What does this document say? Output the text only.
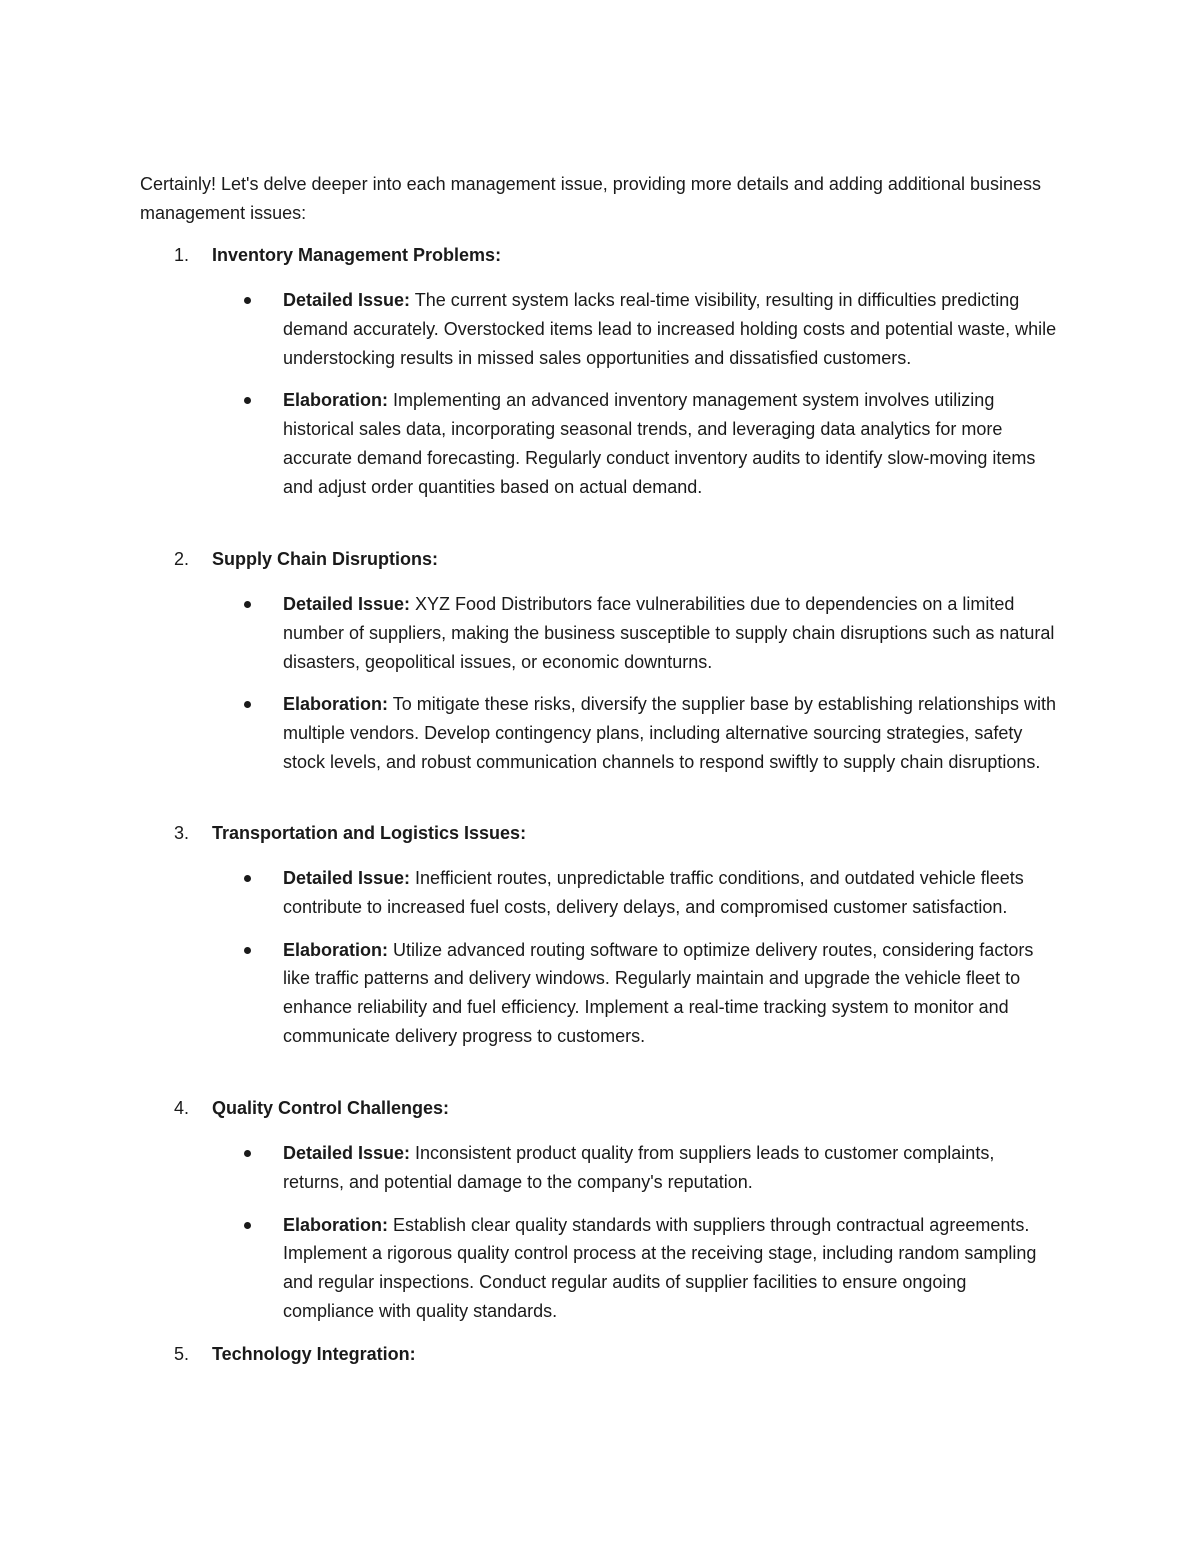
Certainly! Let's delve deeper into each management issue, providing more details and adding additional business management issues:

1. Inventory Management Problems:
Detailed Issue: The current system lacks real-time visibility, resulting in difficulties predicting demand accurately. Overstocked items lead to increased holding costs and potential waste, while understocking results in missed sales opportunities and dissatisfied customers.
Elaboration: Implementing an advanced inventory management system involves utilizing historical sales data, incorporating seasonal trends, and leveraging data analytics for more accurate demand forecasting. Regularly conduct inventory audits to identify slow-moving items and adjust order quantities based on actual demand.
2. Supply Chain Disruptions:
Detailed Issue: XYZ Food Distributors face vulnerabilities due to dependencies on a limited number of suppliers, making the business susceptible to supply chain disruptions such as natural disasters, geopolitical issues, or economic downturns.
Elaboration: To mitigate these risks, diversify the supplier base by establishing relationships with multiple vendors. Develop contingency plans, including alternative sourcing strategies, safety stock levels, and robust communication channels to respond swiftly to supply chain disruptions.
3. Transportation and Logistics Issues:
Detailed Issue: Inefficient routes, unpredictable traffic conditions, and outdated vehicle fleets contribute to increased fuel costs, delivery delays, and compromised customer satisfaction.
Elaboration: Utilize advanced routing software to optimize delivery routes, considering factors like traffic patterns and delivery windows. Regularly maintain and upgrade the vehicle fleet to enhance reliability and fuel efficiency. Implement a real-time tracking system to monitor and communicate delivery progress to customers.
4. Quality Control Challenges:
Detailed Issue: Inconsistent product quality from suppliers leads to customer complaints, returns, and potential damage to the company's reputation.
Elaboration: Establish clear quality standards with suppliers through contractual agreements. Implement a rigorous quality control process at the receiving stage, including random sampling and regular inspections. Conduct regular audits of supplier facilities to ensure ongoing compliance with quality standards.
5. Technology Integration:
